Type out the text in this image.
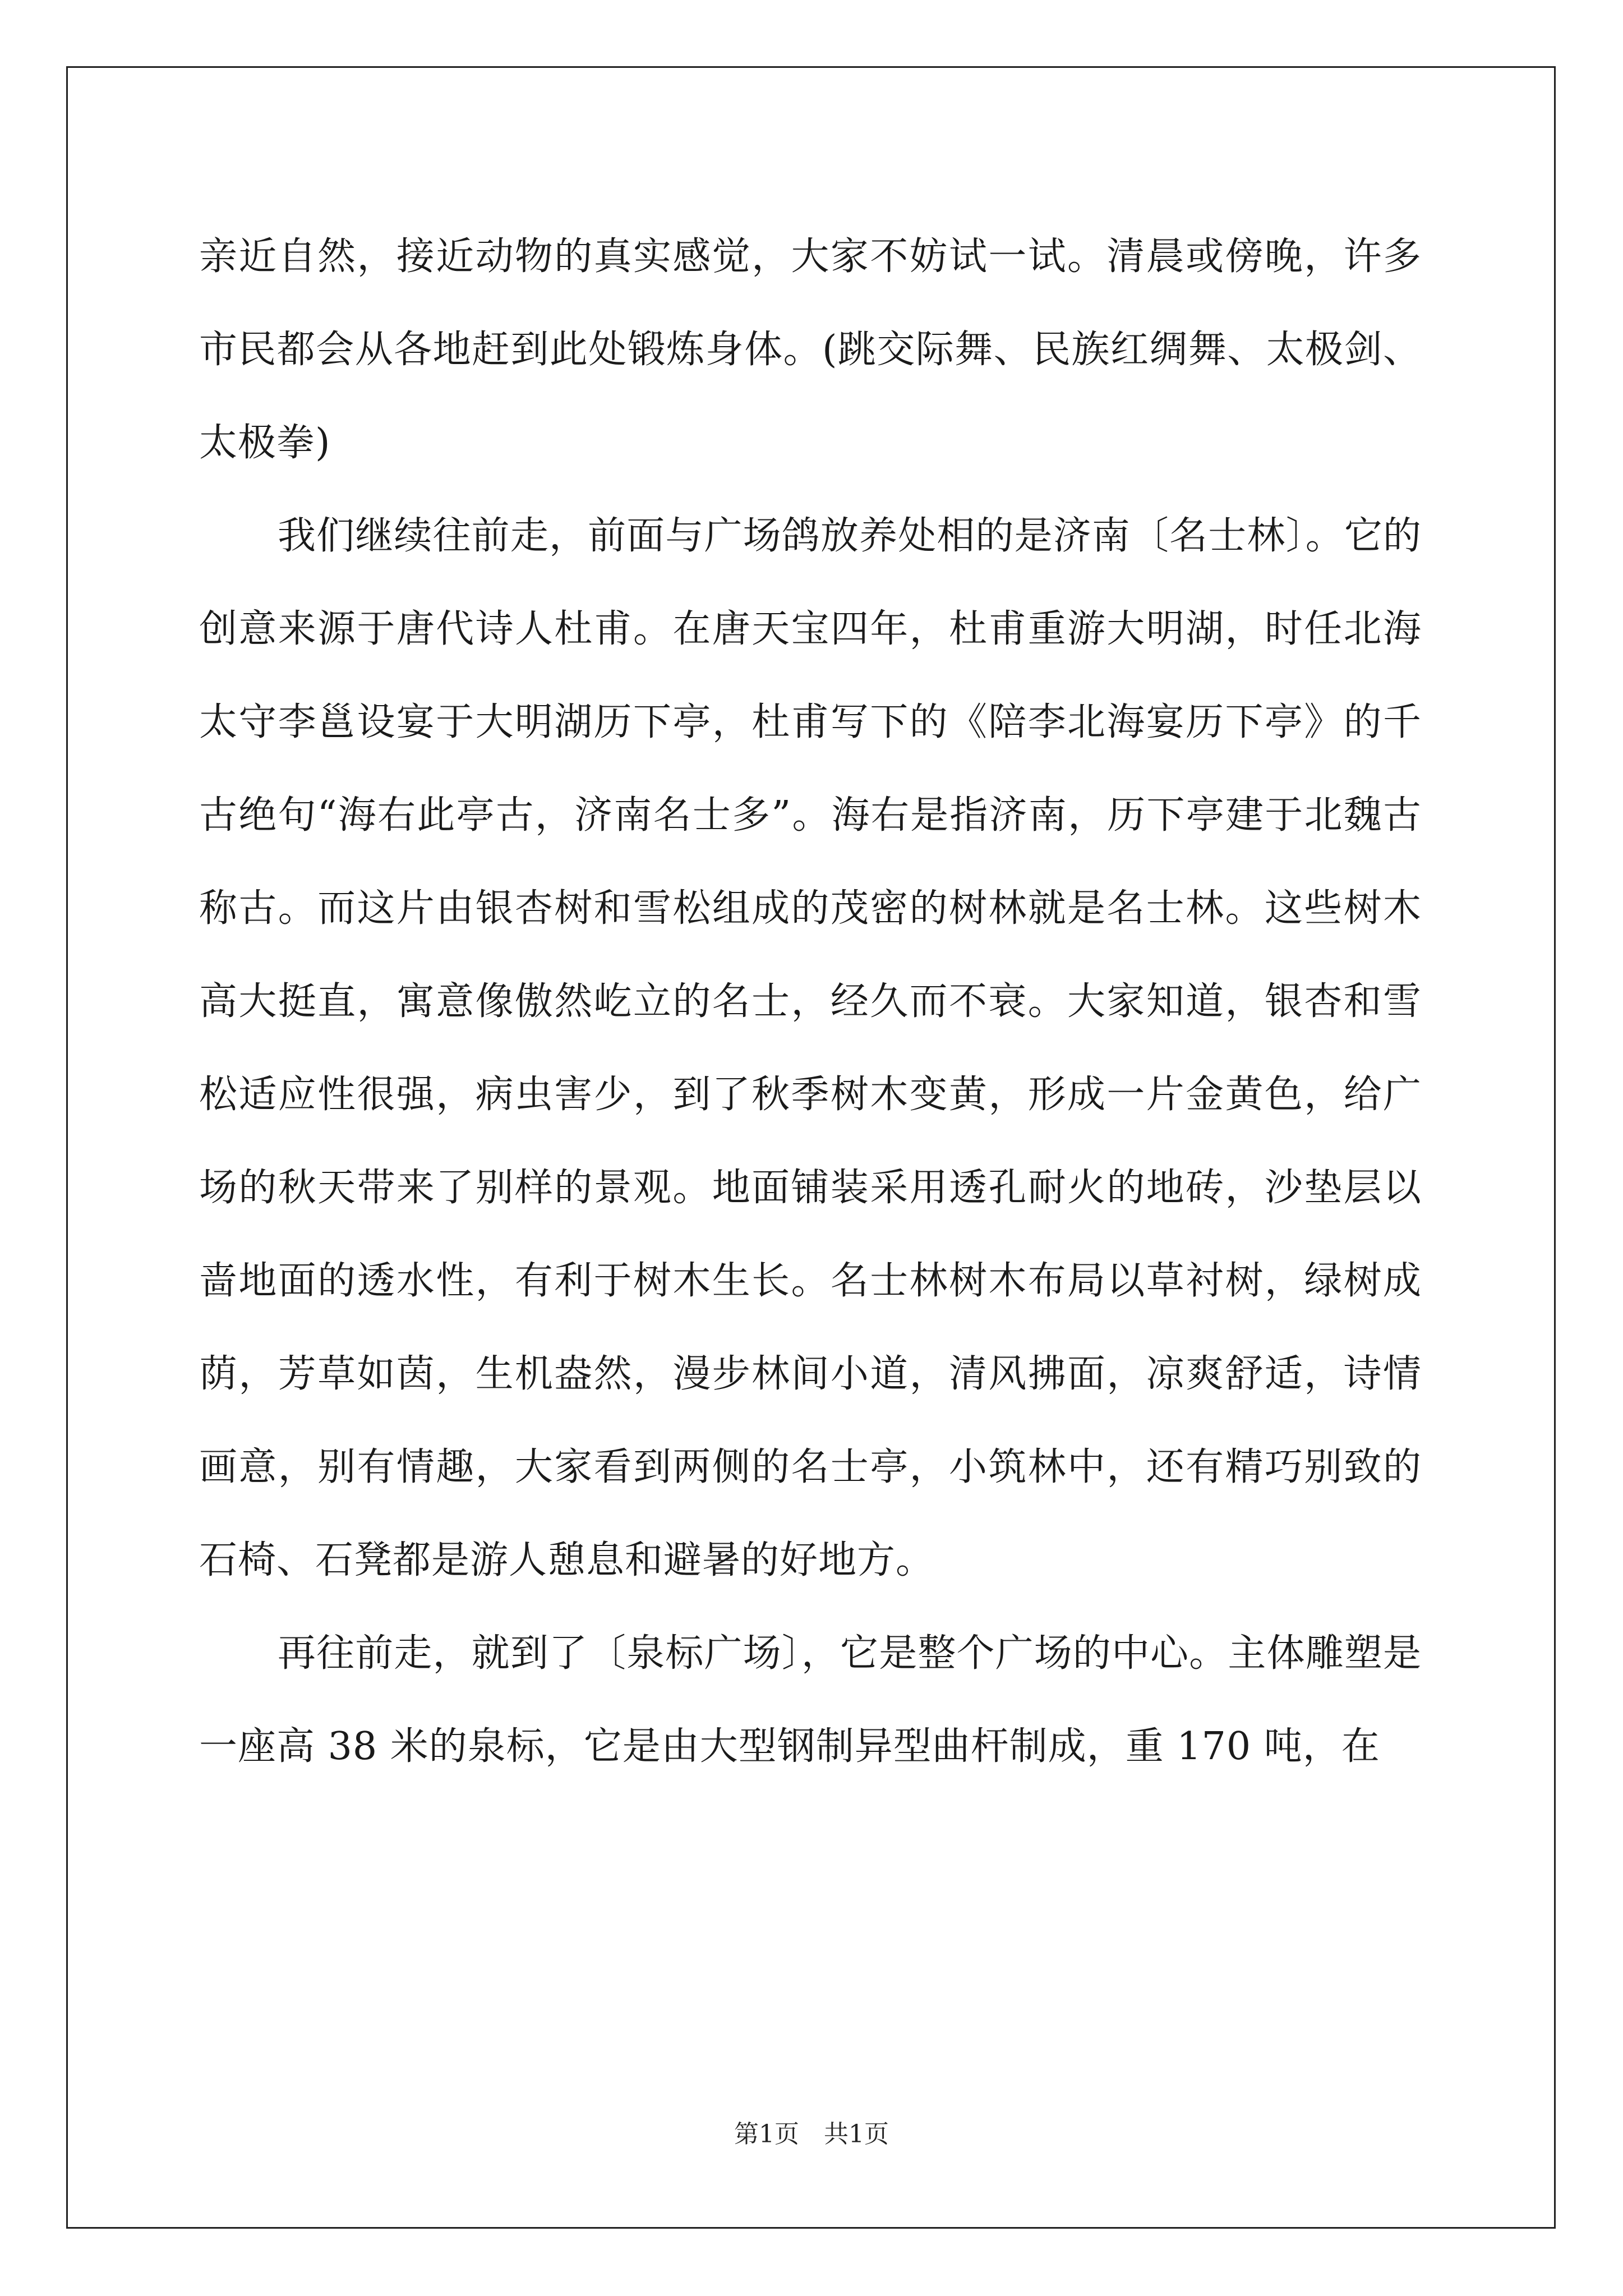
亲近自然，接近动物的真实感觉，大家不妨试一试。清晨或傍晚，许多市民都会从各地赶到此处锻炼身体。(跳交际舞、民族红绸舞、太极剑、太极拳)

我们继续往前走，前面与广场鸽放养处相的是济南〔名士林〕。它的创意来源于唐代诗人杜甫。在唐天宝四年，杜甫重游大明湖，时任北海太守李邕设宴于大明湖历下亭，杜甫写下的《陪李北海宴历下亭》的千古绝句“海右此亭古，济南名士多”。海右是指济南，历下亭建于北魏古称古。而这片由银杏树和雪松组成的茂密的树林就是名士林。这些树木高大挺直，寓意像傲然屹立的名士，经久而不衰。大家知道，银杏和雪松适应性很强，病虫害少，到了秋季树木变黄，形成一片金黄色，给广场的秋天带来了别样的景观。地面铺装采用透孔耐火的地砖，沙垫层以啬地面的透水性，有利于树木生长。名士林树木布局以草衬树，绿树成荫，芳草如茵，生机盎然，漫步林间小道，清风拂面，凉爽舒适，诗情画意，别有情趣，大家看到两侧的名士亭，小筑林中，还有精巧别致的石椅、石凳都是游人憩息和避暑的好地方。

再往前走，就到了〔泉标广场〕，它是整个广场的中心。主体雕塑是一座高 38 米的泉标，它是由大型钢制异型曲杆制成，重 170 吨，在

第1页　共1页
